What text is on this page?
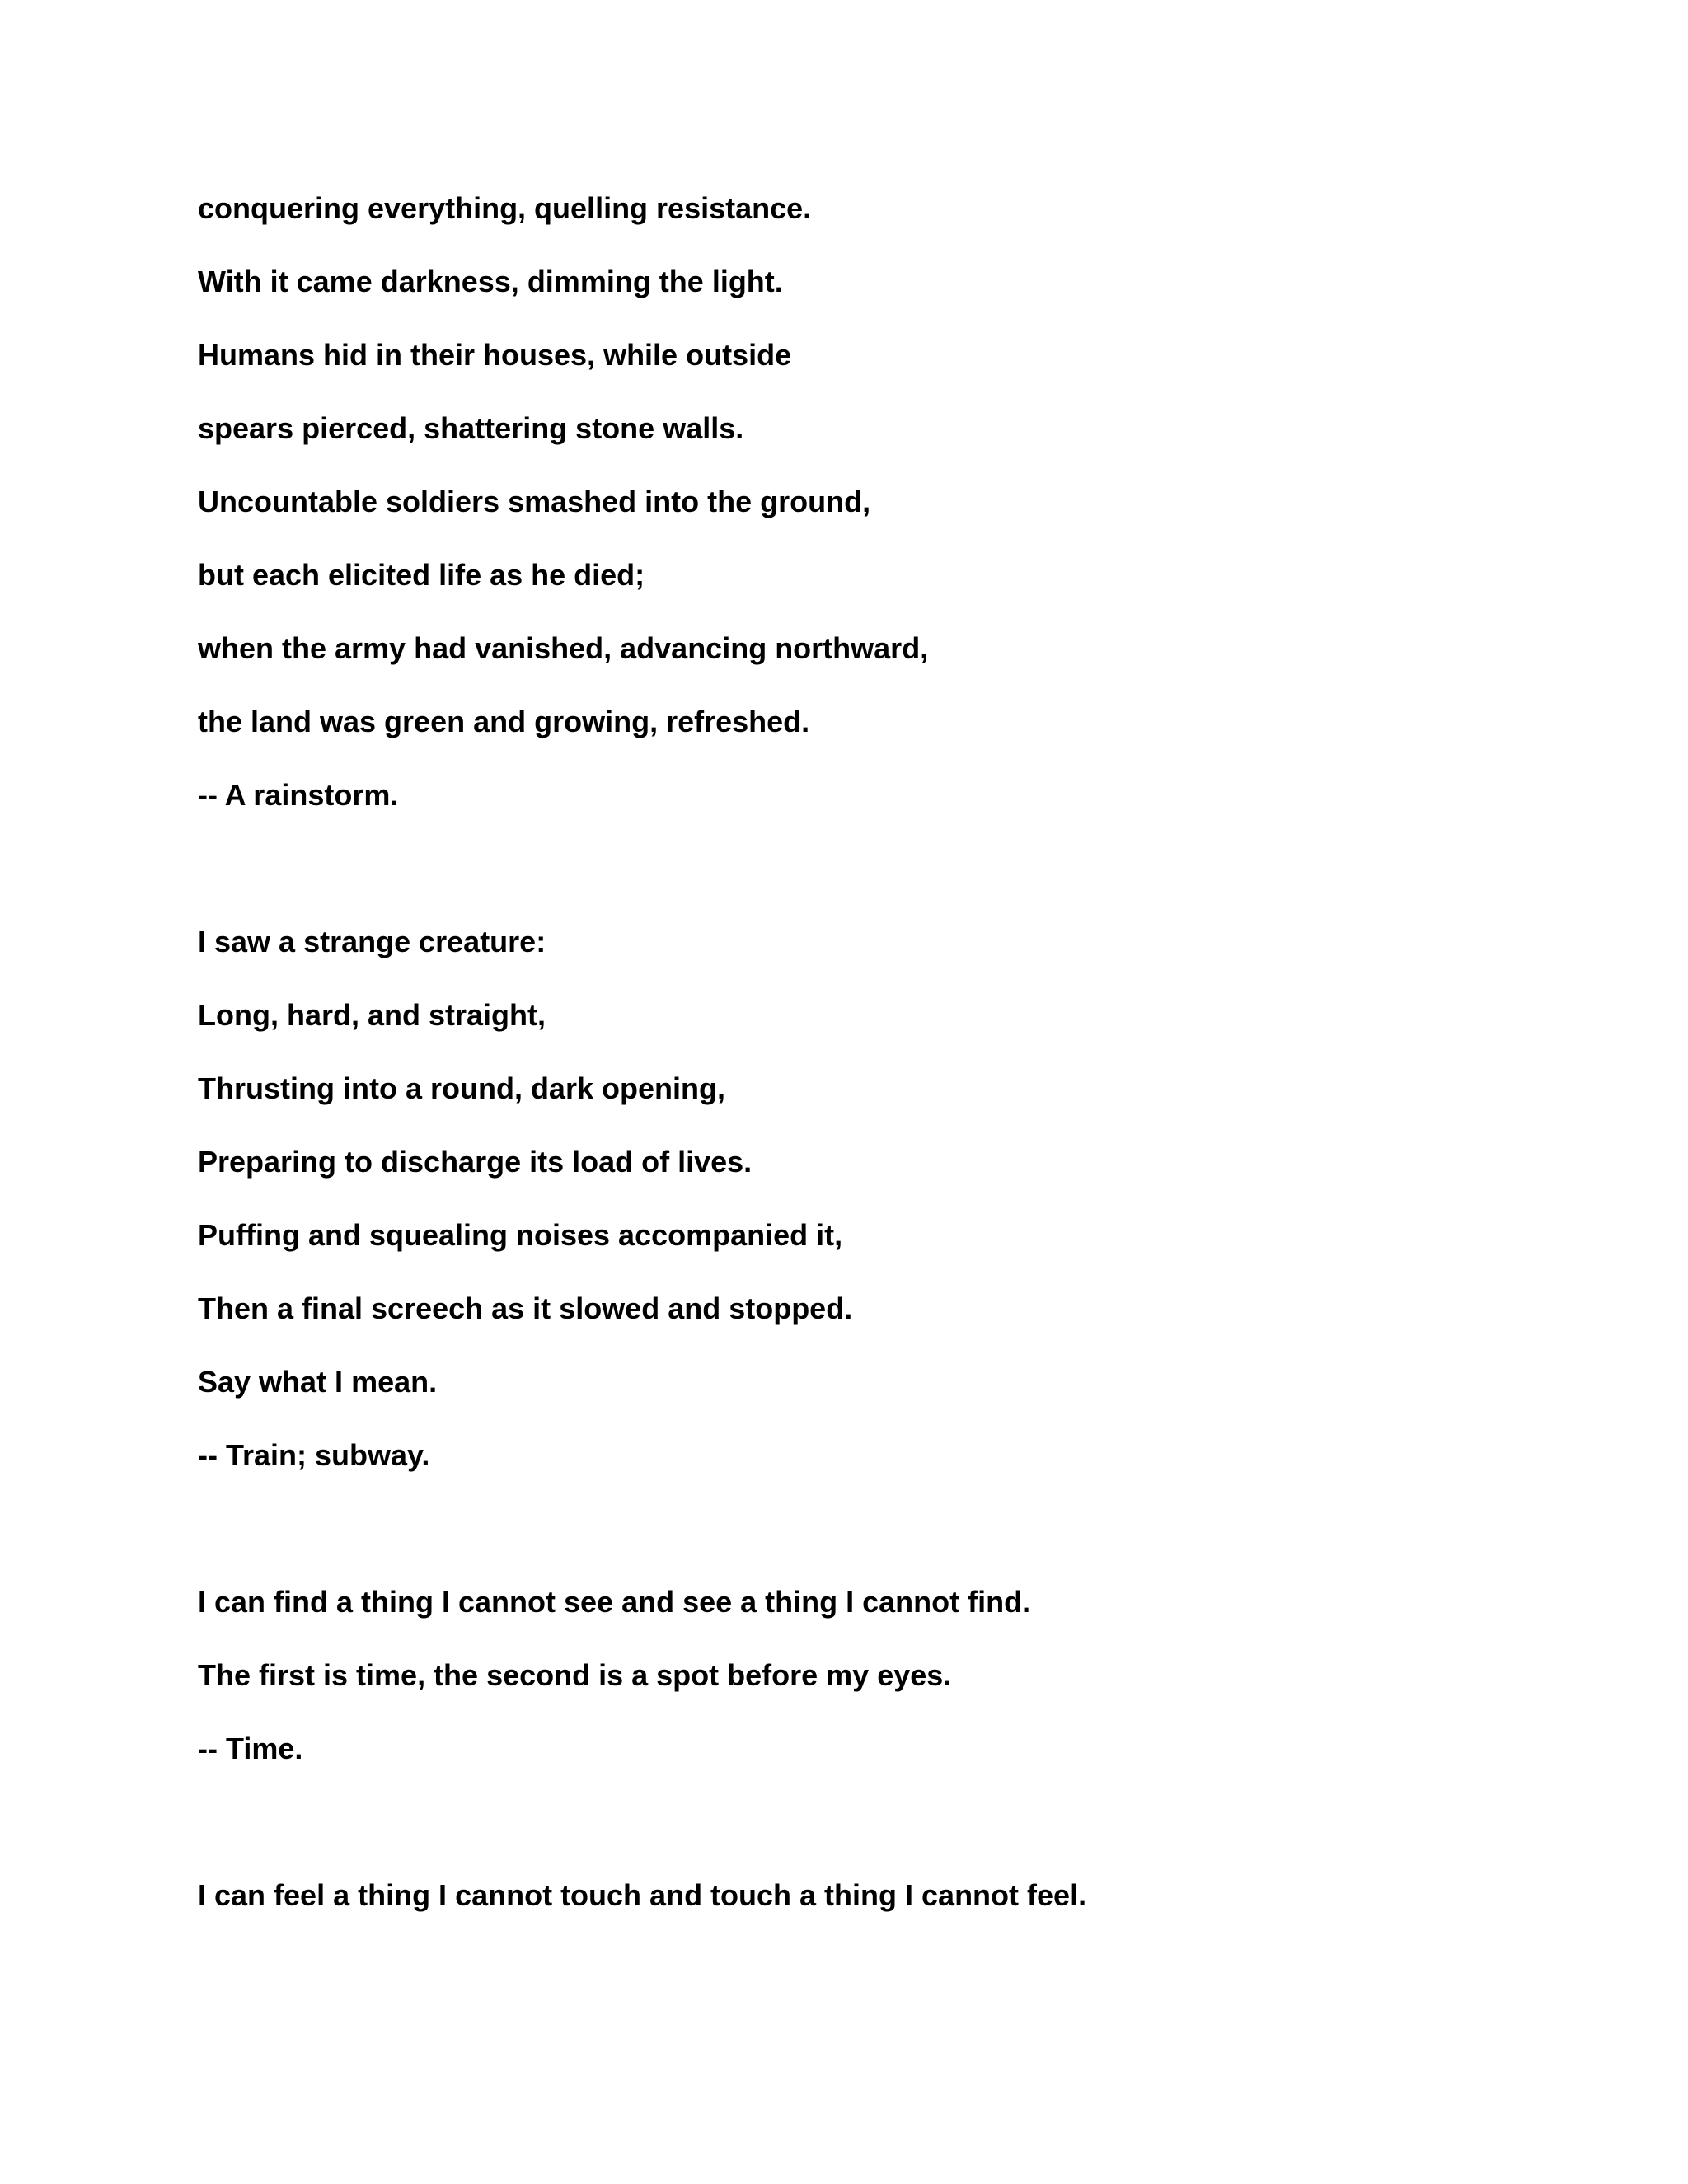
conquering everything, quelling resistance.
With it came darkness, dimming the light.
Humans hid in their houses, while outside
spears pierced, shattering stone walls.
Uncountable soldiers smashed into the ground,
but each elicited life as he died;
when the army had vanished, advancing northward,
the land was green and growing, refreshed.
-- A rainstorm.
I saw a strange creature:
Long, hard, and straight,
Thrusting into a round, dark opening,
Preparing to discharge its load of lives.
Puffing and squealing noises accompanied it,
Then a final screech as it slowed and stopped.
Say what I mean.
-- Train; subway.
I can find a thing I cannot see and see a thing I cannot find.
The first is time, the second is a spot before my eyes.
-- Time.
I can feel a thing I cannot touch and touch a thing I cannot feel.
